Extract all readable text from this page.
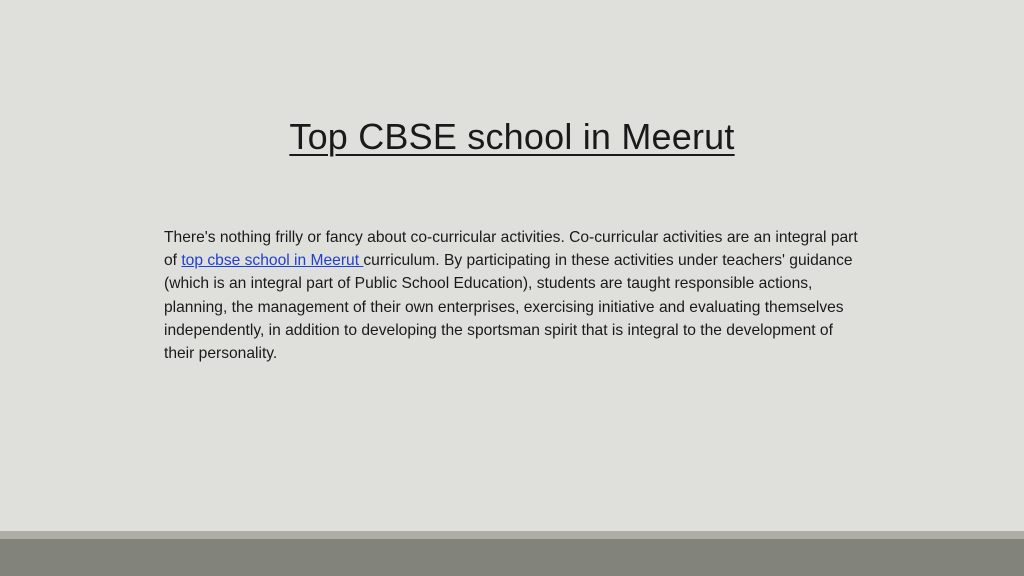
Top CBSE school in Meerut

There's nothing frilly or fancy about co-curricular activities. Co-curricular activities are an integral part of top cbse school in Meerut curriculum. By participating in these activities under teachers' guidance (which is an integral part of Public School Education), students are taught responsible actions, planning, the management of their own enterprises, exercising initiative and evaluating themselves independently, in addition to developing the sportsman spirit that is integral to the development of their personality.
